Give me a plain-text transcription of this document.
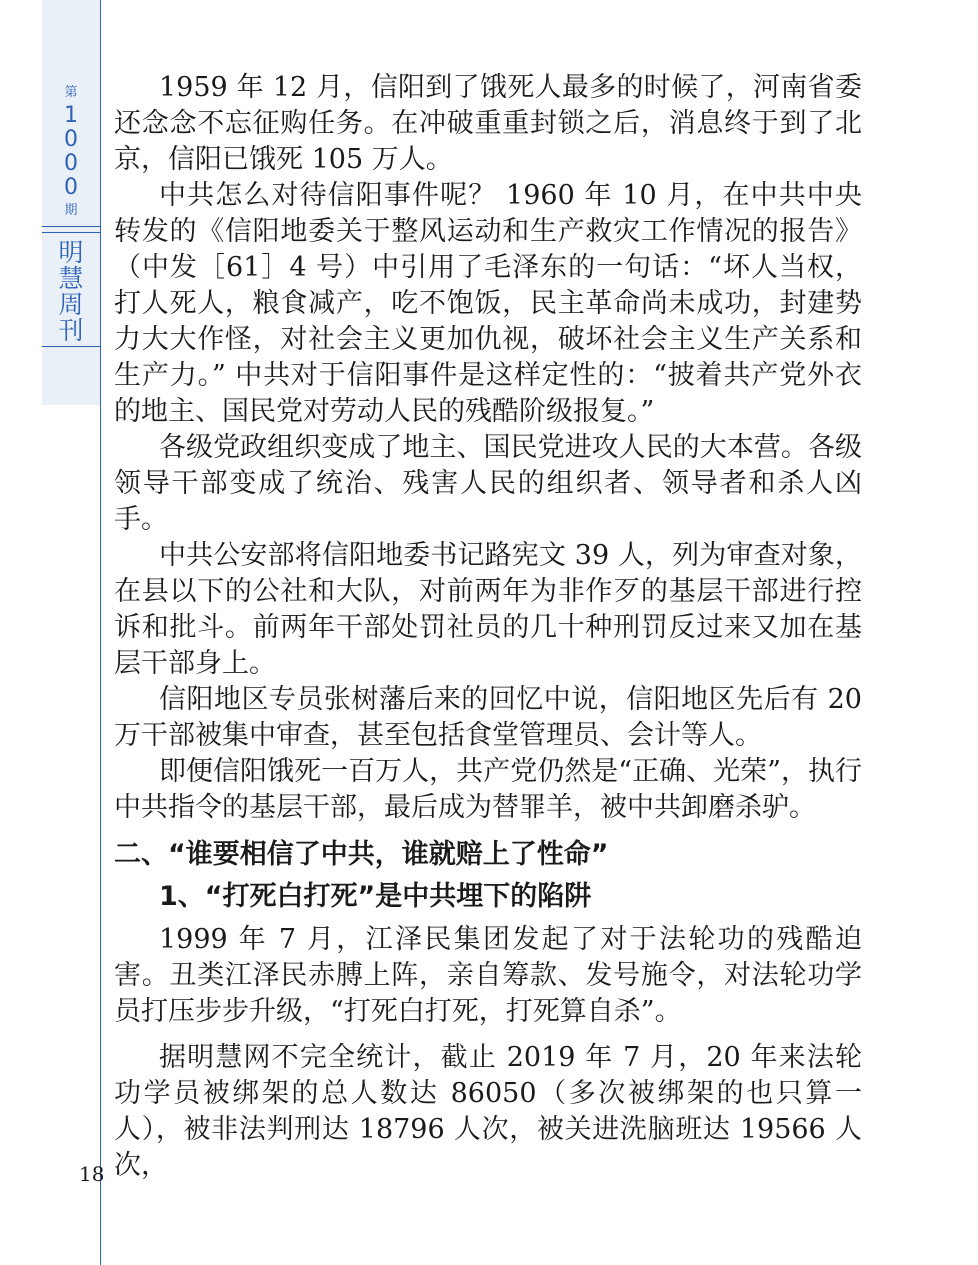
第
1
0
0
0
期
明
慧
周
刊
18

1959 年 12 月，信阳到了饿死人最多的时候了，河南省委还念念不忘征购任务。在冲破重重封锁之后，消息终于到了北京，信阳已饿死 105 万人。

中共怎么对待信阳事件呢？ 1960 年 10 月，在中共中央转发的《信阳地委关于整风运动和生产救灾工作情况的报告》（中发［61］4 号）中引用了毛泽东的一句话：“坏人当权，打人死人，粮食减产，吃不饱饭，民主革命尚未成功，封建势力大大作怪，对社会主义更加仇视，破坏社会主义生产关系和生产力。” 中共对于信阳事件是这样定性的：“披着共产党外衣的地主、国民党对劳动人民的残酷阶级报复。”

各级党政组织变成了地主、国民党进攻人民的大本营。各级领导干部变成了统治、残害人民的组织者、领导者和杀人凶手。

中共公安部将信阳地委书记路宪文 39 人，列为审查对象，在县以下的公社和大队，对前两年为非作歹的基层干部进行控诉和批斗。前两年干部处罚社员的几十种刑罚反过来又加在基层干部身上。

信阳地区专员张树藩后来的回忆中说，信阳地区先后有 20 万干部被集中审查，甚至包括食堂管理员、会计等人。

即便信阳饿死一百万人，共产党仍然是“正确、光荣”，执行中共指令的基层干部，最后成为替罪羊，被中共卸磨杀驴。

二、“谁要相信了中共，谁就赔上了性命”
1、“打死白打死”是中共埋下的陷阱

1999 年 7 月，江泽民集团发起了对于法轮功的残酷迫害。丑类江泽民赤膊上阵，亲自筹款、发号施令，对法轮功学员打压步步升级，“打死白打死，打死算自杀”。

据明慧网不完全统计，截止 2019 年 7 月，20 年来法轮功学员被绑架的总人数达 86050（多次被绑架的也只算一人），被非法判刑达 18796 人次，被关进洗脑班达 19566 人次，
